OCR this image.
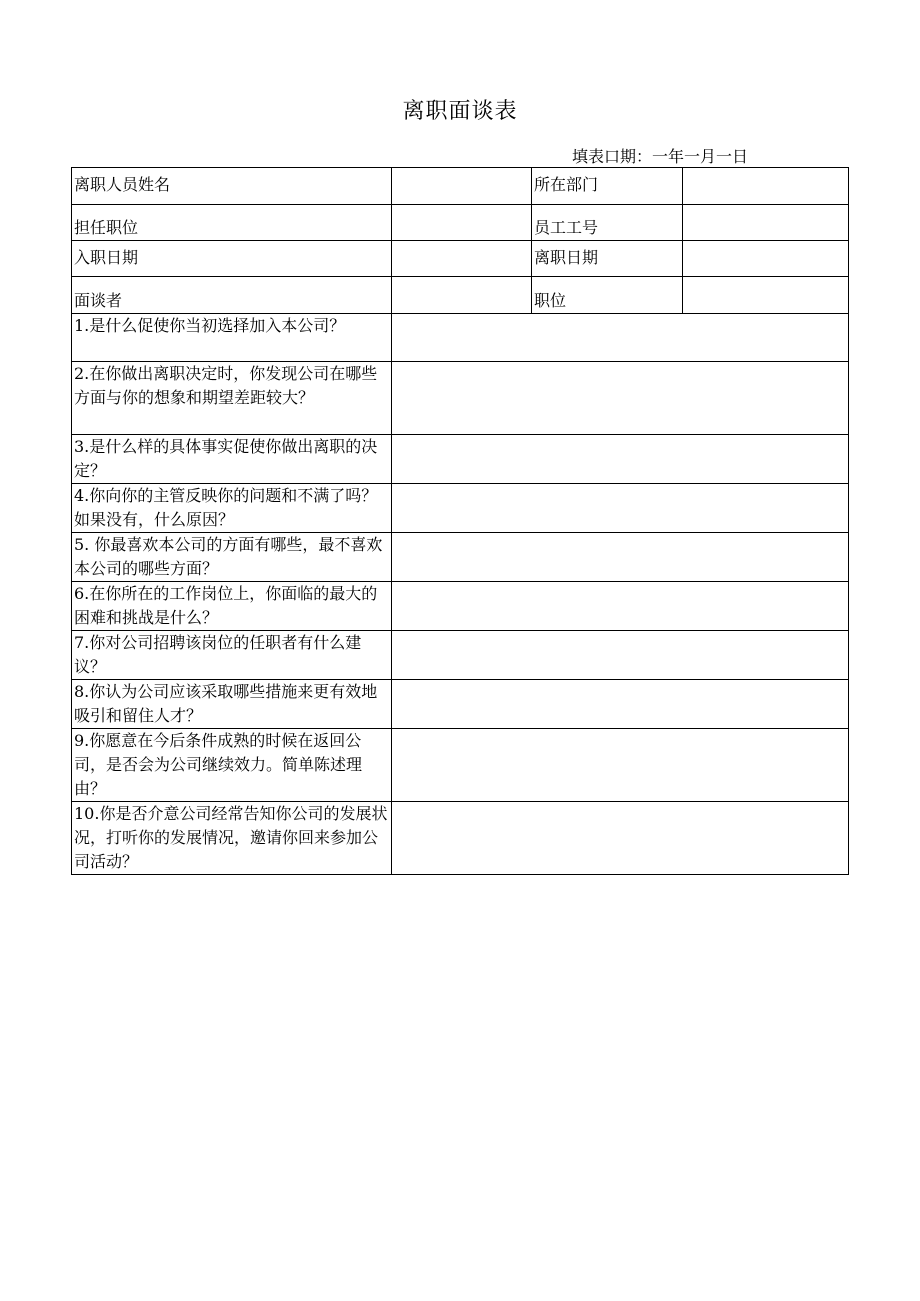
离职面谈表
填表口期：一年一月一日
离职人员姓名		所在部门	
担任职位		员工工号	
入职日期		离职日期	
面谈者		职位	
1.是什么促使你当初选择加入本公司？			
2.在你做出离职决定时，你发现公司在哪些方面与你的想象和期望差距较大？			
3.是什么样的具体事实促使你做出离职的决定？			
4.你向你的主管反映你的问题和不满了吗？如果没有，什么原因？			
5. 你最喜欢本公司的方面有哪些，最不喜欢本公司的哪些方面？			
6.在你所在的工作岗位上，你面临的最大的困难和挑战是什么？			
7.你对公司招聘该岗位的任职者有什么建议？			
8.你认为公司应该采取哪些措施来更有效地吸引和留住人才？			
9.你愿意在今后条件成熟的时候在返回公司，是否会为公司继续效力。简单陈述理由？			
10.你是否介意公司经常告知你公司的发展状况，打听你的发展情况，邀请你回来参加公司活动？			
